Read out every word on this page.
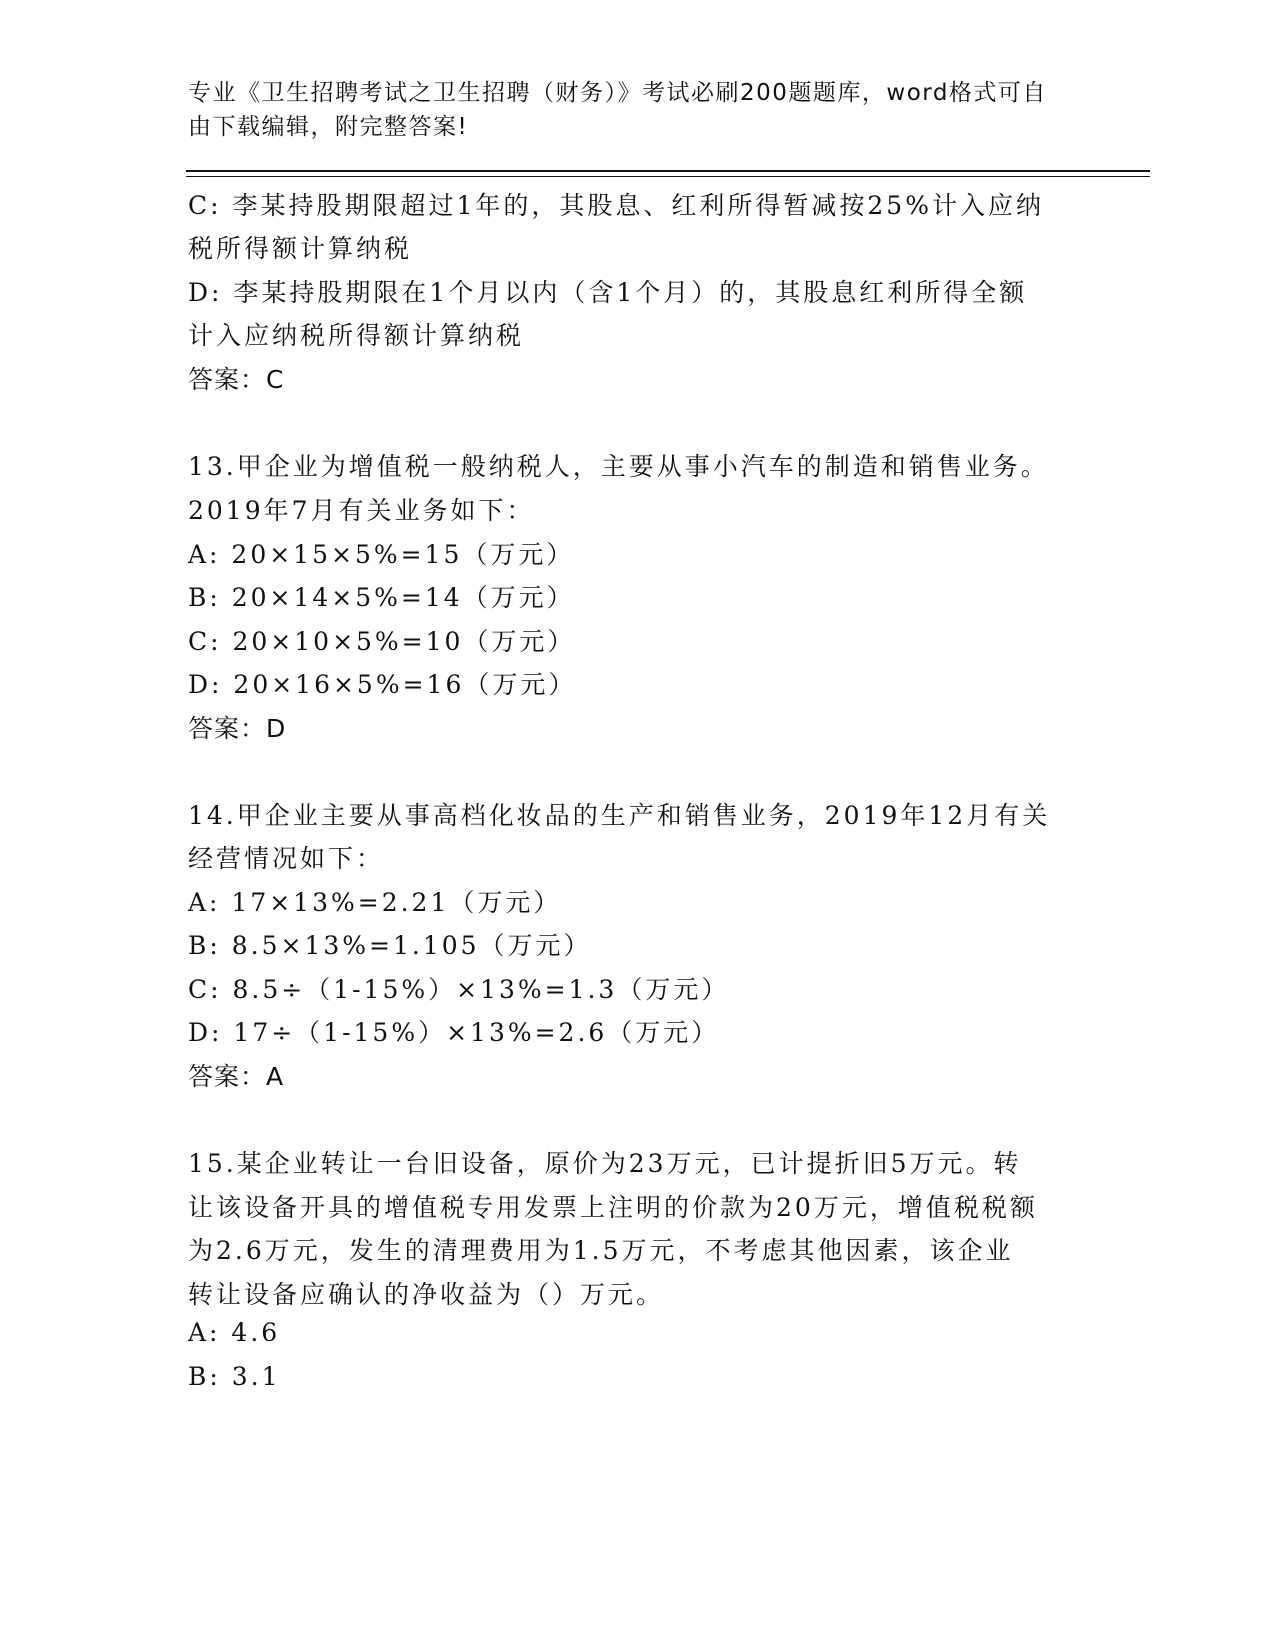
专业《卫生招聘考试之卫生招聘（财务）》考试必刷200题题库，word格式可自
由下载编辑，附完整答案!
C: 李某持股期限超过1年的，其股息、红利所得暂减按25%计入应纳
税所得额计算纳税
D: 李某持股期限在1个月以内（含1个月）的，其股息红利所得全额
计入应纳税所得额计算纳税
答案：C
13.甲企业为增值税一般纳税人，主要从事小汽车的制造和销售业务。
2019年7月有关业务如下：
A: 20×15×5%=15（万元）
B: 20×14×5%=14（万元）
C: 20×10×5%=10（万元）
D: 20×16×5%=16（万元）
答案：D
14.甲企业主要从事高档化妆品的生产和销售业务，2019年12月有关
经营情况如下：
A: 17×13%=2.21（万元）
B: 8.5×13%=1.105（万元）
C: 8.5÷（1-15%）×13%=1.3（万元）
D: 17÷（1-15%）×13%=2.6（万元）
答案：A
15.某企业转让一台旧设备，原价为23万元，已计提折旧5万元。转
让该设备开具的增值税专用发票上注明的价款为20万元，增值税税额
为2.6万元，发生的清理费用为1.5万元，不考虑其他因素，该企业
转让设备应确认的净收益为（）万元。
A: 4.6
B: 3.1
